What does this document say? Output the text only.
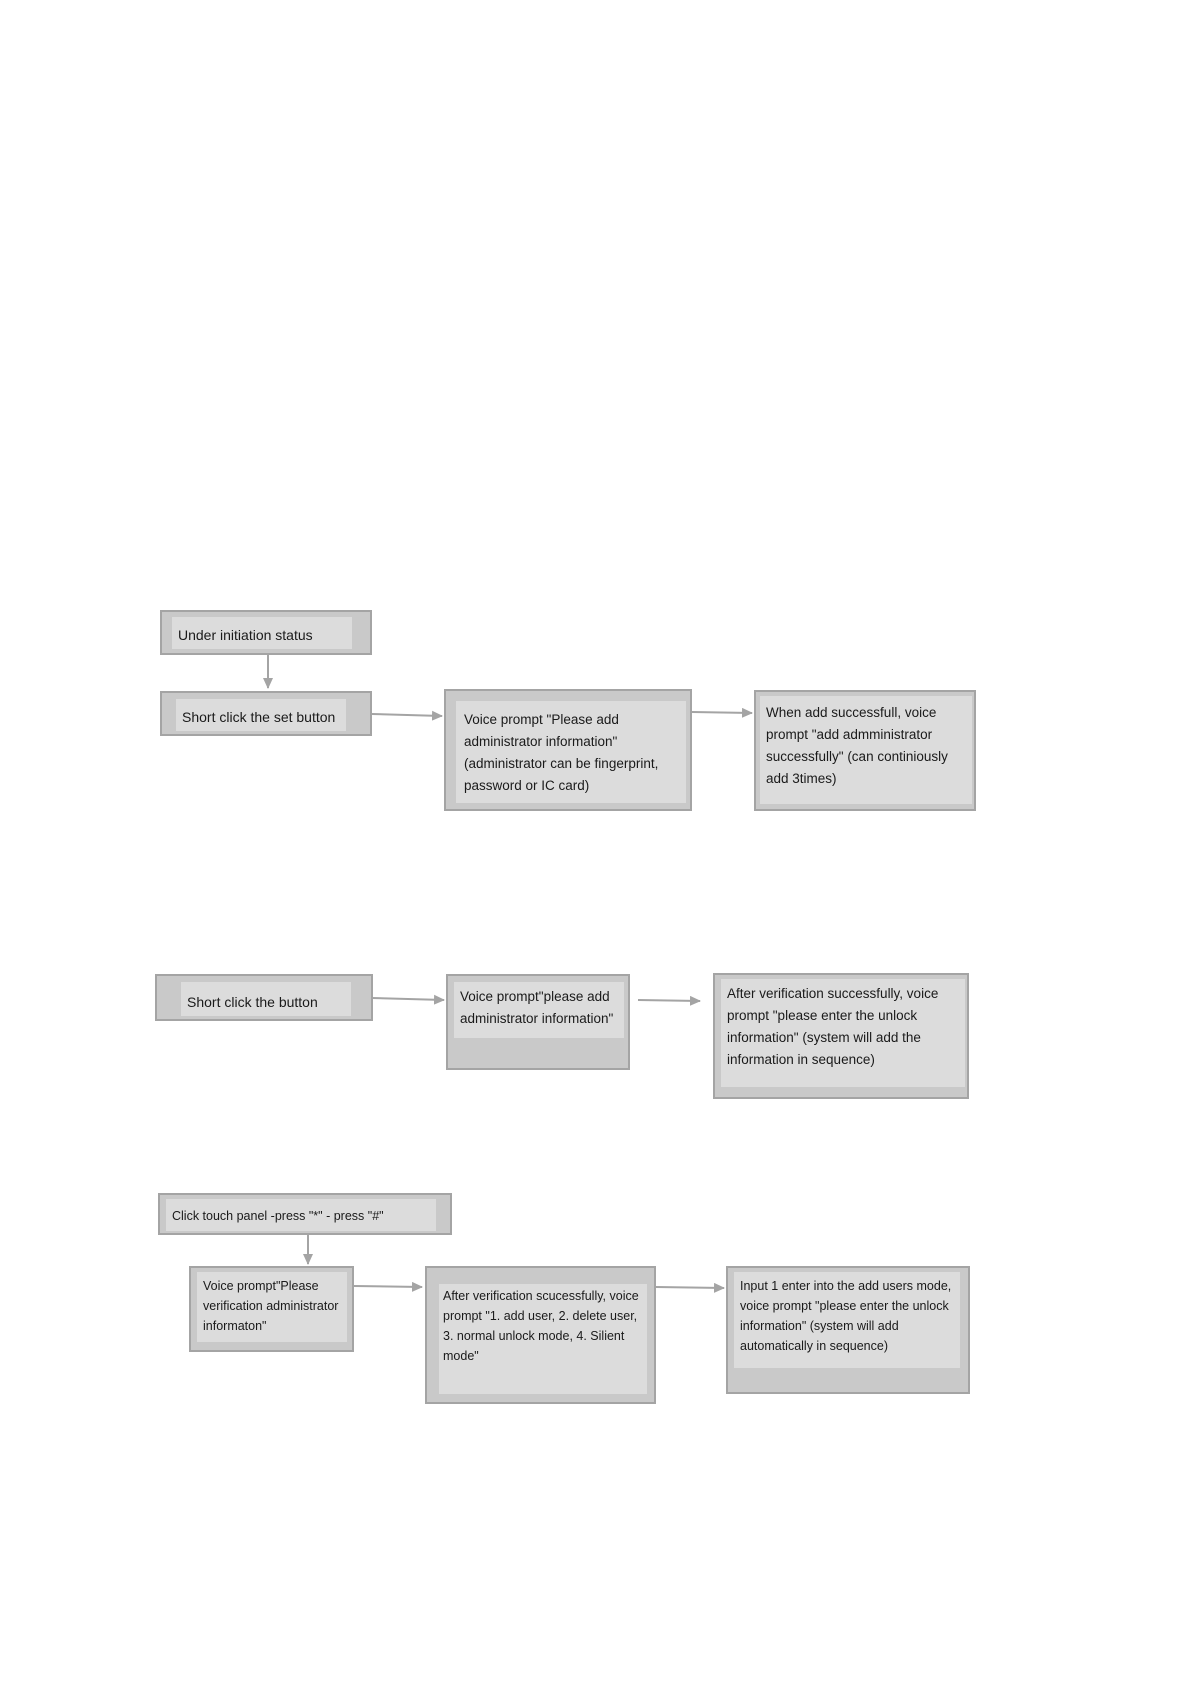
Under initiation status
Short click the set button	Voice prompt "Please add administrator information" (administrator can be fingerprint, password or IC card)
When add successfull, voice prompt "add admministrator successfully" (can continiously add 3times)
Short click the button	Voice prompt"please add administrator information"
After verification successfully, voice prompt "please enter the unlock information" (system will add the information in sequence)
Click touch panel -press "*" - press "#"
Voice prompt"Please verification administrator informaton"
After verification scucessfully, voice prompt "1. add user, 2. delete user, 3. normal unlock mode, 4. Silient mode"
Input 1 enter into the add users mode, voice prompt "please enter the unlock information" (system will add automatically in sequence)
